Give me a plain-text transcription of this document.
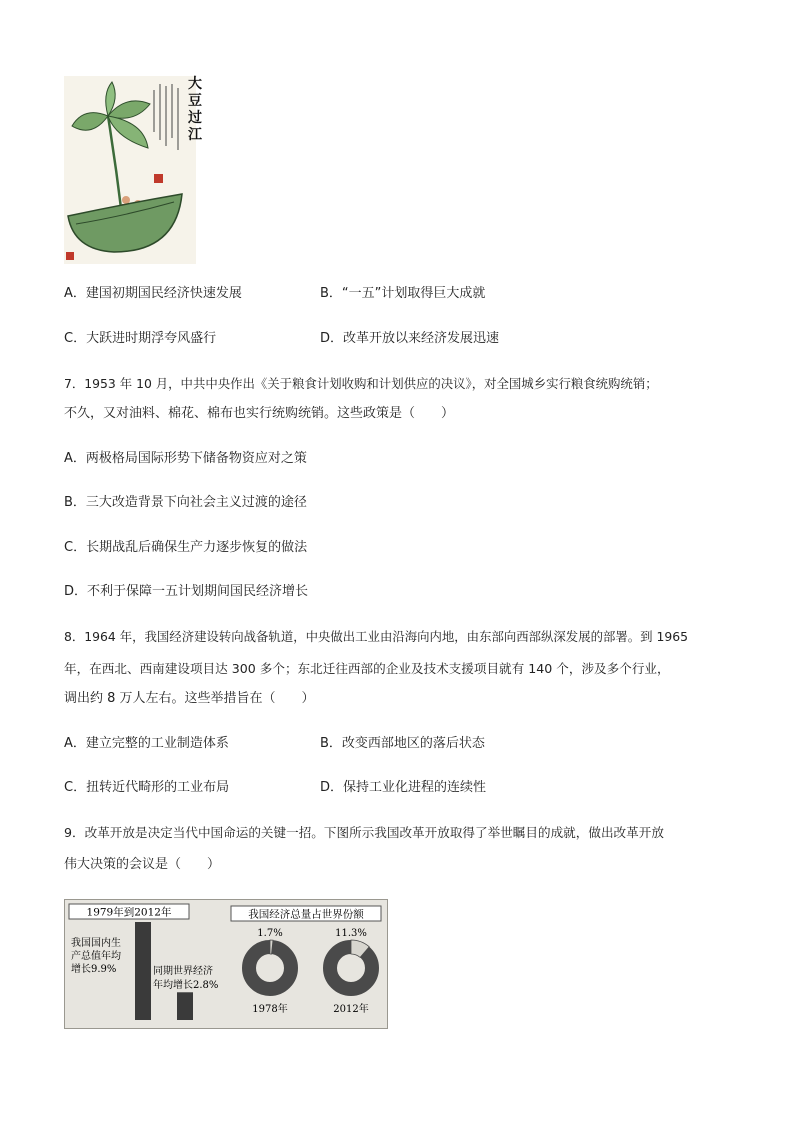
大豆过江
A．建国初期国民经济快速发展	B．“一五”计划取得巨大成就
C．大跃进时期浮夸风盛行	D．改革开放以来经济发展迅速
7．1953 年 10 月，中共中央作出《关于粮食计划收购和计划供应的决议》，对全国城乡实行粮食统购统销；
不久，又对油料、棉花、棉布也实行统购统销。这些政策是（　　）
A．两极格局国际形势下储备物资应对之策
B．三大改造背景下向社会主义过渡的途径
C．长期战乱后确保生产力逐步恢复的做法
D．不利于保障一五计划期间国民经济增长
8．1964 年，我国经济建设转向战备轨道，中央做出工业由沿海向内地，由东部向西部纵深发展的部署。到 1965
年，在西北、西南建设项目达 300 多个；东北迁往西部的企业及技术支援项目就有 140 个，涉及多个行业，
调出约 8 万人左右。这些举措旨在（　　）
A．建立完整的工业制造体系	B．改变西部地区的落后状态
C．扭转近代畸形的工业布局	D．保持工业化进程的连续性
9．改革开放是决定当代中国命运的关键一招。下图所示我国改革开放取得了举世瞩目的成就，做出改革开放
伟大决策的会议是（　　）
1979年到2012年
我国国内生
产总值年均
增长9.9%	同期世界经济
年均增长2.8%
我国经济总量占世界份额
1.7%	11.3%
1978年	2012年
